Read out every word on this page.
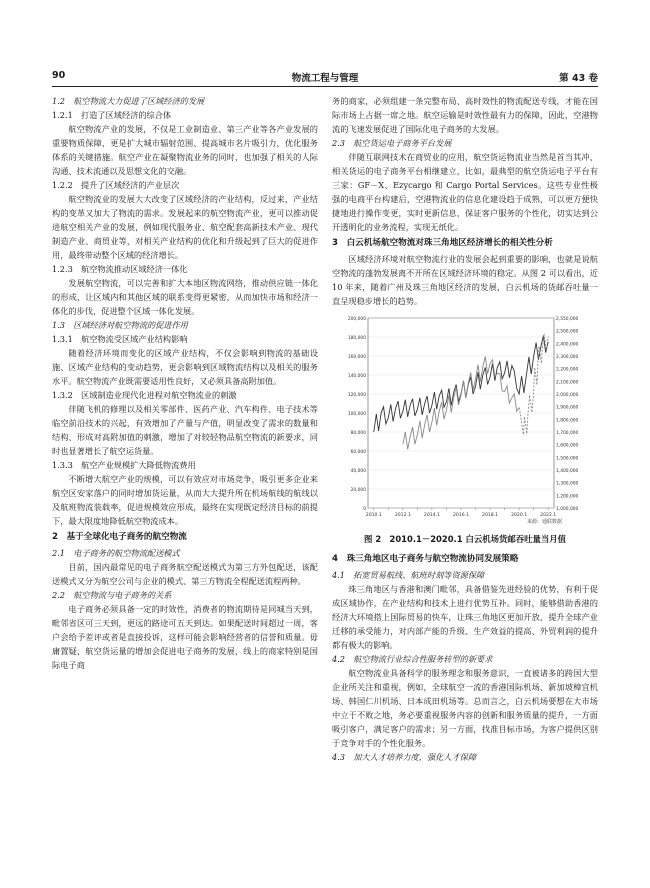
90	物流工程与管理	第 43 卷

1.2　航空物流大力促进了区域经济的发展

1.2.1　打造了区域经济的综合体

航空物流产业的发展，不仅是工业制造业、第三产业等各产业发展的重要物质保障，更是扩大城市辐射范围、提高城市名片吸引力，优化服务体系的关键措施。航空产业在凝聚物流业务的同时，也加强了相关的人际沟通、技术流通以及思想文化的交融。

1.2.2　提升了区域经济的产业层次

航空物流业的发展大大改变了区域经济的产业结构，反过来，产业结构的变革又加大了物流的需求。发展起来的航空物流产业，更可以推动促进航空相关产业的发展，例如现代服务业、航空配套高新技术产业、现代制造产业、商贸业等，对相关产业结构的优化和升级起到了巨大的促进作用，最终带动整个区域的经济增长。

1.2.3　航空物流推动区域经济一体化

发展航空物流，可以完善和扩大本地区物流网络，推动供应链一体化的形成，让区域内和其他区域的联系变得更紧密，从而加快市场和经济一体化的步伐，促进整个区域一体化发展。

1.3　区域经济对航空物流的促进作用

1.3.1　航空物流受区域产业结构影响

随着经济环境而变化的区域产业结构，不仅会影响到物流的基础设施、区域产业结构的变动趋势，更会影响到区域物流结构以及相关的服务水平。航空物流产业既需要适用性良好，又必须具备高附加值。

1.3.2　区域制造业现代化进程对航空物流业的刺激

伴随飞机的修理以及相关零部件、医药产业、汽车构件、电子技术等临空前沿技术的兴起，有效增加了产量与产值，明显改变了需求的数量和结构、形成对高附加值的刺激，增加了对较轻物品航空物流的新要求，同时也显著增长了航空运货量。

1.3.3　航空产业规模扩大降低物流费用

不断增大航空产业的规模，可以有效应对市场竞争，吸引更多企业来航空区安家落户的同时增加货运量，从而大大提升所在机场航线的航线以及航班物流装载率，促进规模效应形成，最终在实现既定经济目标的前提下，最大限度地降低航空物流成本。

2　基于全球化电子商务的航空物流

2.1　电子商务的航空物流配送模式

目前，国内最常见的电子商务航空配送模式为第三方外包配送，该配送模式又分为航空公司与企业的模式、第三方物流全程配送流程两种。

2.2　航空物流与电子商务的关系

电子商务必须具备一定的时效性，消费者的物流期待是同城当天到，毗邻省区可三天到，更远的路途可五天到达。如果配送时间超过一周，客户会给予差评或者是直接投诉，这样可能会影响经营者的信誉和质量。毋庸置疑，航空货运量的增加会促进电子商务的发展，线上的商家特别是国际电子商

务的商家，必须组建一条完整布局、高时效性的物流配送专线，才能在国际市场上占据一席之地。航空运输是时效性最有力的保障，因此，空港物流的飞速发展促进了国际化电子商务的大发展。

2.3　航空货运电子商务平台发展

伴随互联网技术在商贸业的应用，航空货运物流业当然是首当其冲，相关货运的电子商务平台相继建立，比如，最典型的航空货运电子平台有三家：GF－X、Ezycargo 和 Cargo Portal Services。这些专业性极强的电商平台构建后，空港物流业的信息化建设趋于成熟，可以更方便快捷地进行操作变更，实时更新信息，保证客户服务的个性化，切实达到公开透明化的业务流程，实现无纸化。

3　白云机场航空物流对珠三角地区经济增长的相关性分析

区域经济环境对航空物流行业的发展会起到重要的影响，也就是说航空物流的蓬勃发展离不开所在区域经济环境的稳定。从图 2 可以看出，近 10 年来，随着广州及珠三角地区经济的发展，白云机场的货邮吞吐量一直呈现稳步增长的趋势。

0
20,000
40,000
60,000
80,000
100,000
120,000
140,000
160,000
180,000
200,000
1,000,000
1,200,000
1,300,000
1,400,000
1,500,000
1,600,000
1,700,000
1,800,000
1,900,000
2,000,000
2,100,000
2,200,000
2,300,000
2,400,000
2,500,000
2,550,000
2010.1	2012.1	2014.1	2016.1	2018.1	2020.1	2022.1
来源：通联数据

图 2　2010.1－2020.1 白云机场货邮吞吐量当月值

4　珠三角地区电子商务与航空物流协同发展策略

4.1　拓宽贸易航线、航班时刻等资源保障

珠三角地区与香港和澳门毗邻，具备借鉴先进经验的优势，有利于促成区域协作，在产业结构和技术上进行优势互补。同时，能够借助香港的经济大环境搭上国际贸易的快车，让珠三角地区更加开放，提升全球产业迁移的承受能力，对内部产能的升级、生产效益的提高、外贸利润的提升都有极大的影响。

4.2　航空物流行业综合性服务转型的新要求

航空物流业具备科学的服务理念和服务意识，一直被诸多的跨国大型企业所关注和重视，例如，全球航空一流的香港国际机场、新加坡樟宜机场、韩国仁川机场、日本成田机场等。总而言之，白云机场要想在大市场中立于不败之地，务必要重视服务内容的创新和服务质量的提升，一方面吸引客户，满足客户的需求；另一方面，找准目标市场，为客户提供区别于竞争对手的个性化服务。

4.3　加大人才培养力度，强化人才保障
